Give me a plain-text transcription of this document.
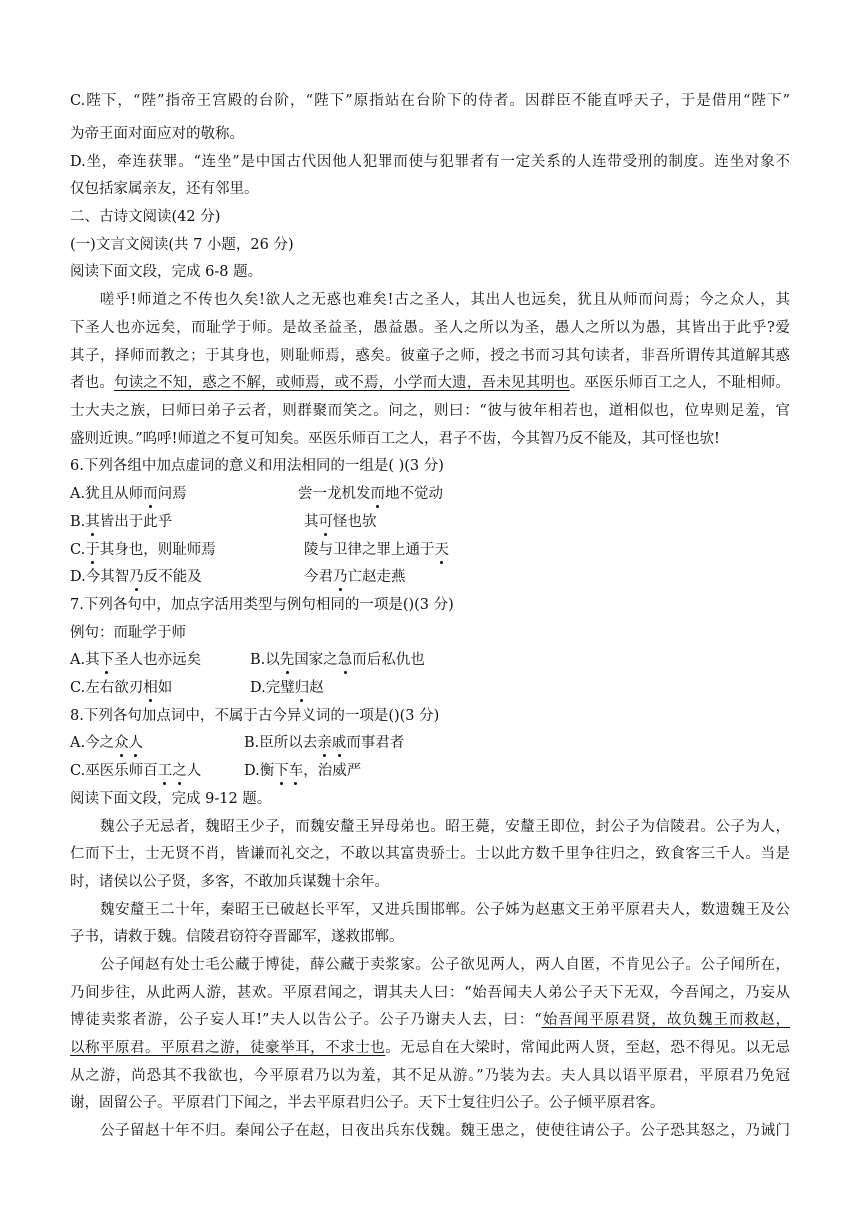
C.陛下，“陛”指帝王宫殿的台阶，“陛下”原指站在台阶下的侍者。因群臣不能直呼天子，于是借用“陛下”
为帝王面对面应对的敬称。
D.坐，牵连获罪。“连坐”是中国古代因他人犯罪而使与犯罪者有一定关系的人连带受刑的制度。连坐对象不
仅包括家属亲友，还有邻里。
二、古诗文阅读(42 分)
(一)文言文阅读(共 7 小题，26 分)
阅读下面文段，完成 6-8 题。
嗟乎!师道之不传也久矣!欲人之无惑也难矣!古之圣人，其出人也远矣，犹且从师而问焉；今之众人，其
下圣人也亦远矣，而耻学于师。是故圣益圣，愚益愚。圣人之所以为圣，愚人之所以为愚，其皆出于此乎?爱
其子，择师而教之；于其身也，则耻师焉，惑矣。彼童子之师，授之书而习其句读者，非吾所谓传其道解其惑
者也。句读之不知，惑之不解，或师焉，或不焉，小学而大遗，吾未见其明也。巫医乐师百工之人，不耻相师。
士大夫之族，曰师曰弟子云者，则群聚而笑之。问之，则曰：“彼与彼年相若也，道相似也，位卑则足羞，官
盛则近谀。”呜呼!师道之不复可知矣。巫医乐师百工之人，君子不齿，今其智乃反不能及，其可怪也欤!
6.下列各组中加点虚词的意义和用法相同的一组是( )(3 分)
A.犹且从师而问焉	尝一龙机发而地不觉动
B.其皆出于此乎	其可怪也欤
C.于其身也，则耻师焉	陵与卫律之罪上通于天
D.今其智乃反不能及	今君乃亡赵走燕
7.下列各句中，加点字活用类型与例句相同的一项是()(3 分)
例句：而耻学于师
A.其下圣人也亦远矣	B.以先国家之急而后私仇也
C.左右欲刃相如	D.完璧归赵
8.下列各句加点词中，不属于古今异义词的一项是()(3 分)
A.今之众人	B.臣所以去亲戚而事君者
C.巫医乐师百工之人	D.衡下车，治威严
阅读下面文段，完成 9-12 题。
魏公子无忌者，魏昭王少子，而魏安釐王异母弟也。昭王薨，安釐王即位，封公子为信陵君。公子为人，
仁而下士，士无贤不肖，皆谦而礼交之，不敢以其富贵骄士。士以此方数千里争往归之，致食客三千人。当是
时，诸侯以公子贤，多客，不敢加兵谋魏十余年。
魏安釐王二十年，秦昭王已破赵长平军，又进兵围邯郸。公子姊为赵惠文王弟平原君夫人，数遗魏王及公
子书，请救于魏。信陵君窃符夺晋鄙军，遂救邯郸。
公子闻赵有处士毛公藏于博徒，薛公藏于卖浆家。公子欲见两人，两人自匿，不肯见公子。公子闻所在，
乃间步往，从此两人游，甚欢。平原君闻之，谓其夫人曰：“始吾闻夫人弟公子天下无双，今吾闻之，乃妄从
博徒卖浆者游，公子妄人耳!”夫人以告公子。公子乃谢夫人去，曰：“始吾闻平原君贤，故负魏王而救赵，
以称平原君。平原君之游，徒豪举耳，不求士也。无忌自在大梁时，常闻此两人贤，至赵，恐不得见。以无忌
从之游，尚恐其不我欲也，今平原君乃以为羞，其不足从游。”乃装为去。夫人具以语平原君，平原君乃免冠
谢，固留公子。平原君门下闻之，半去平原君归公子。天下士复往归公子。公子倾平原君客。
公子留赵十年不归。秦闻公子在赵，日夜出兵东伐魏。魏王患之，使使往请公子。公子恐其怒之，乃诫门
